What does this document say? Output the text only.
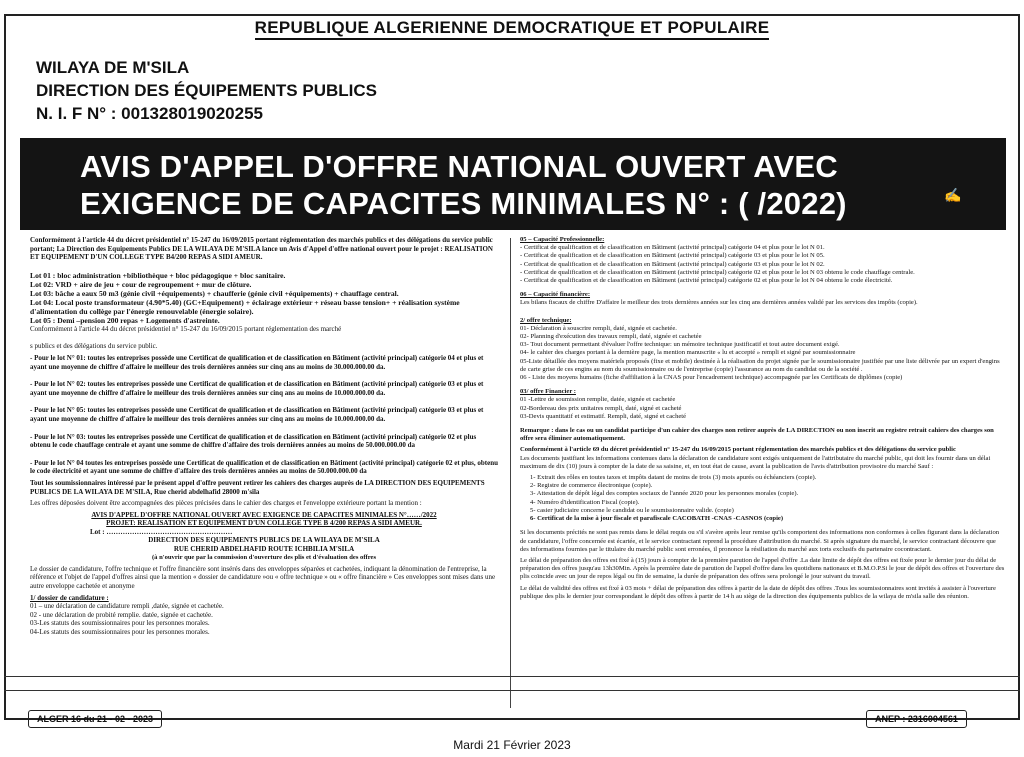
REPUBLIQUE ALGERIENNE DEMOCRATIQUE ET POPULAIRE
WILAYA DE M'SILA
DIRECTION DES ÉQUIPEMENTS PUBLICS
N. I. F N° : 001328019020255
AVIS D'APPEL D'OFFRE NATIONAL OUVERT AVEC
EXIGENCE DE CAPACITES MINIMALES N° : ( /2022)	✍

Conformément à l'article 44 du décret présidentiel n° 15-247 du 16/09/2015 portant réglementation des marchés publics et des délégations du service public portant; La Direction des Equipements Publics DE LA WILAYA DE M'SILA lance un Avis d'Appel d'offre national ouvert pour le projet : REALISATION ET EQUIPEMENT D'UN COLLEGE TYPE B4/200 REPAS A SIDI AMEUR.

Lot 01 : bloc administration +bibliothèque + bloc pédagogique + bloc sanitaire.

Lot 02: VRD + aire de jeu + cour de regroupement + mur de clôture.

Lot 03: bâche a eaux 50 m3 (génie civil +équipements) + chaufferie (génie civil +équipements) + chauffage central.

Lot 04: Local poste transformateur (4.90*5.40) (GC+Equipement) + éclairage extérieur + réseau basse tension+ + réalisation système d'alimentation du collège par l'énergie renouvelable (énergie solaire).

Lot 05 : Demi –pension 200 repas + Logements d'astreinte.

Conformément à l'article 44 du décret présidentiel n° 15-247 du 16/09/2015 portant réglementation des marché

s publics et des délégations du service public.

- Pour le lot N° 01: toutes les entreprises possède une Certificat de qualification et de classification en Bâtiment (activité principal) catégorie 04 et plus et ayant une moyenne de chiffre d'affaire le meilleur des trois dernières années sur cinq ans au moins de 30.000.000.00 da.

- Pour le lot N° 02: toutes les entreprises possède une Certificat de qualification et de classification en Bâtiment (activité principal) catégorie 03 et plus et ayant une moyenne de chiffre d'affaire le meilleur des trois dernières années sur cinq ans au moins de 10.000.000.00 da.

- Pour le lot N° 05: toutes les entreprises possède une Certificat de qualification et de classification en Bâtiment (activité principal) catégorie 03 et plus et ayant une moyenne de chiffre d'affaire le meilleur des trois dernières années sur cinq ans au moins de 10.000.000.00 da.

- Pour le lot N° 03: toutes les entreprises possède une Certificat de qualification et de classification en Bâtiment (activité principal) catégorie 02 et plus obtenu le code chauffage centrale et ayant une somme de chiffre d'affaire des trois dernières années au moins de 50.000.000.00 da

- Pour le lot N° 04 toutes les entreprises possède une Certificat de qualification et de classification en Bâtiment (activité principal) catégorie 02 et plus, obtenu le code électricité et ayant une somme de chiffre d'affaire des trois dernières années au moins de 50.000.000.00 da

Tout les soumissionnaires intéressé par le présent appel d'offre peuvent retirer les cahiers des charges auprès de LA DIRECTION DES EQUIPEMENTS PUBLICS DE LA WILAYA DE M'SILA, Rue cherid abdelhafid 28000 m'sila

Les offres déposées doivent être accompagnées des pièces précisées dans le cahier des charges et l'enveloppe extérieure portant la mention :

AVIS D'APPEL D'OFFRE NATIONAL OUVERT AVEC EXIGENCE DE CAPACITES MINIMALES N°……/2022

PROJET: REALISATION ET EQUIPEMENT D'UN COLLEGE TYPE B 4/200 REPAS A SIDI AMEUR.

Lot : ………………………………………………

DIRECTION DES EQUIPEMENTS PUBLICS DE LA WILAYA DE M'SILA

RUE CHERID ABDELHAFID ROUTE ICHBILIA M'SILA

(à n'ouvrir que par la commission d'ouverture des plis et d'évaluation des offres

Le dossier de candidature, l'offre technique et l'offre financière sont insérés dans des enveloppes séparées et cachetées, indiquant la dénomination de l'entreprise, la référence et l'objet de l'appel d'offres ainsi que la mention « dossier de candidature »ou « offre technique » ou « offre financière » Ces enveloppes sont mises dans une autre enveloppe cachetée et anonyme

1/ dossier de candidature :

01 – une déclaration de candidature rempli ,datée, signée et cachetée.

02 - une déclaration de probité remplie. datée, signée et cachetée.

03-Les statuts des soumissionnaires pour les personnes morales.

04-Les statuts des soumissionnaires pour les personnes morales.

05 – Capacité Professionnelle:

- Certificat de qualification et de classification en Bâtiment (activité principal) catégorie 04 et plus pour le lot N 01.

- Certificat de qualification et de classification en Bâtiment (activité principal) catégorie 03 et plus pour le lot N 05.

- Certificat de qualification et de classification en Bâtiment (activité principal) catégorie 03 et plus pour le lot N 02.

- Certificat de qualification et de classification en Bâtiment (activité principal) catégorie 02 et plus pour le lot N 03 obtenu le code chauffage centrale.

- Certificat de qualification et de classification en Bâtiment (activité principal) catégorie 02 et plus pour le lot N 04 obtenu le code électricité.

06 – Capacité financière:

Les bilans fiscaux de chiffre D'affaire le meilleur des trois dernières années sur les cinq ans dernières années validé par les services des impôts (copie).

2/ offre technique:

01- Déclaration à souscrire rempli, daté, signée et cachetée.

02- Planning d'exécution des travaux rempli, daté, signée et cachetée

03- Tout document permettant d'évaluer l'offre technique: un mémoire technique justificatif et tout autre document exigé.

04- le cahier des charges portant à la dernière page, la mention manuscrite « lu et accepté » rempli et signé par soumissionnaire

05-Liste détaillée des moyens matériels proposés (fixe et mobile) destinée à la réalisation du projet signée par le soumissionnaire justifiée par une liste délivrée par un expert d'engins de carte grise de ces engins au nom du soumissionnaire ou de l'entreprise (copie) l'assurance au nom du candidat ou de la société .

06 - Liste des moyens humains (fiche d'affiliation à la CNAS pour l'encadrement technique) accompagnée par les Certificats de diplômes (copie)

03/ offre Financier :

01 -Lettre de soumission remplie, datée, signée et cachetée

02-Bordereau des prix unitaires rempli, daté, signé et cacheté

03-Devis quantitatif et estimatif. Rempli, daté, signé et cacheté

Remarque : dans le cas ou un candidat participe d'un cahier des charges non retirer auprès de LA DIRECTION ou non inscrit au registre retrait cahiers des charges son offre sera éliminer automatiquement.

Conformément à l'article 69 du décret présidentiel n° 15-247 du 16/09/2015 portant réglementation des marchés publics et des délégations du service public

Les documents justifiant les informations contenues dans la déclaration de candidature sont exigés uniquement de l'attributaire du marché public, qui doit les fournir dans un délai maximum de dix (10) jours à compter de la date de sa saisine, et, en tout état de cause, avant la publication de l'avis d'attribution provisoire du marché Sauf :

1- Extrait des rôles en toutes taxes et impôts datant de moins de trois (3) mois apurés ou échéanciers (copie).

2- Registre de commerce électronique (copie).

3- Attestation de dépôt légal des comptes sociaux de l'année 2020 pour les personnes morales (copie).

4- Numéro d'identification Fiscal (copie).

5- casier judiciaire concerne le candidat ou le soumissionnaire valide. (copie)

6- Certificat de la mise à jour fiscale et parafiscale CACOBATH -CNAS -CASNOS (copie)

Si les documents précités ne sont pas remis dans le délai requis ou s'il s'avère après leur remise qu'ils comportent des informations non conformes à celles figurant dans la déclaration de candidature, l'offre concernée est écartée, et le service contractant reprend la procédure d'attribution du marché. Si après signature du marché, le service contractant découvre que des informations fournies par le titulaire du marché public sont erronées, il prononce la résiliation du marché aux torts exclusifs du partenaire cocontractant.

Le délai de préparation des offres est fixé à (15) jours à compter de la première parution de l'appel d'offre .La date limite de dépôt des offres est fixée pour le dernier jour du délai de préparation des offres jusqu'au 13h30Min. Après la première date de parution de l'appel d'offre dans les quotidiens nationaux et B.M.O.P.Si le jour de dépôt des offres et l'ouverture des plis coïncide avec un jour de repos légal ou fin de semaine, la durée de préparation des offres sera prolongé le jour suivant du travail.

Le délai de validité des offres est fixé à 03 mois + délai de préparation des offres à partir de la date de dépôt des offres .Tous les soumissionnaires sont invités à assister à l'ouverture publique des plis le dernier jour correspondant le dépôt des offres à partir de 14 h au siège de la direction des équipements publics de la wilaya de m'sila salle des réunion.

ALGER 16 du 21 - 02 - 2023	ANEP : 2316004561
Mardi 21 Février 2023
